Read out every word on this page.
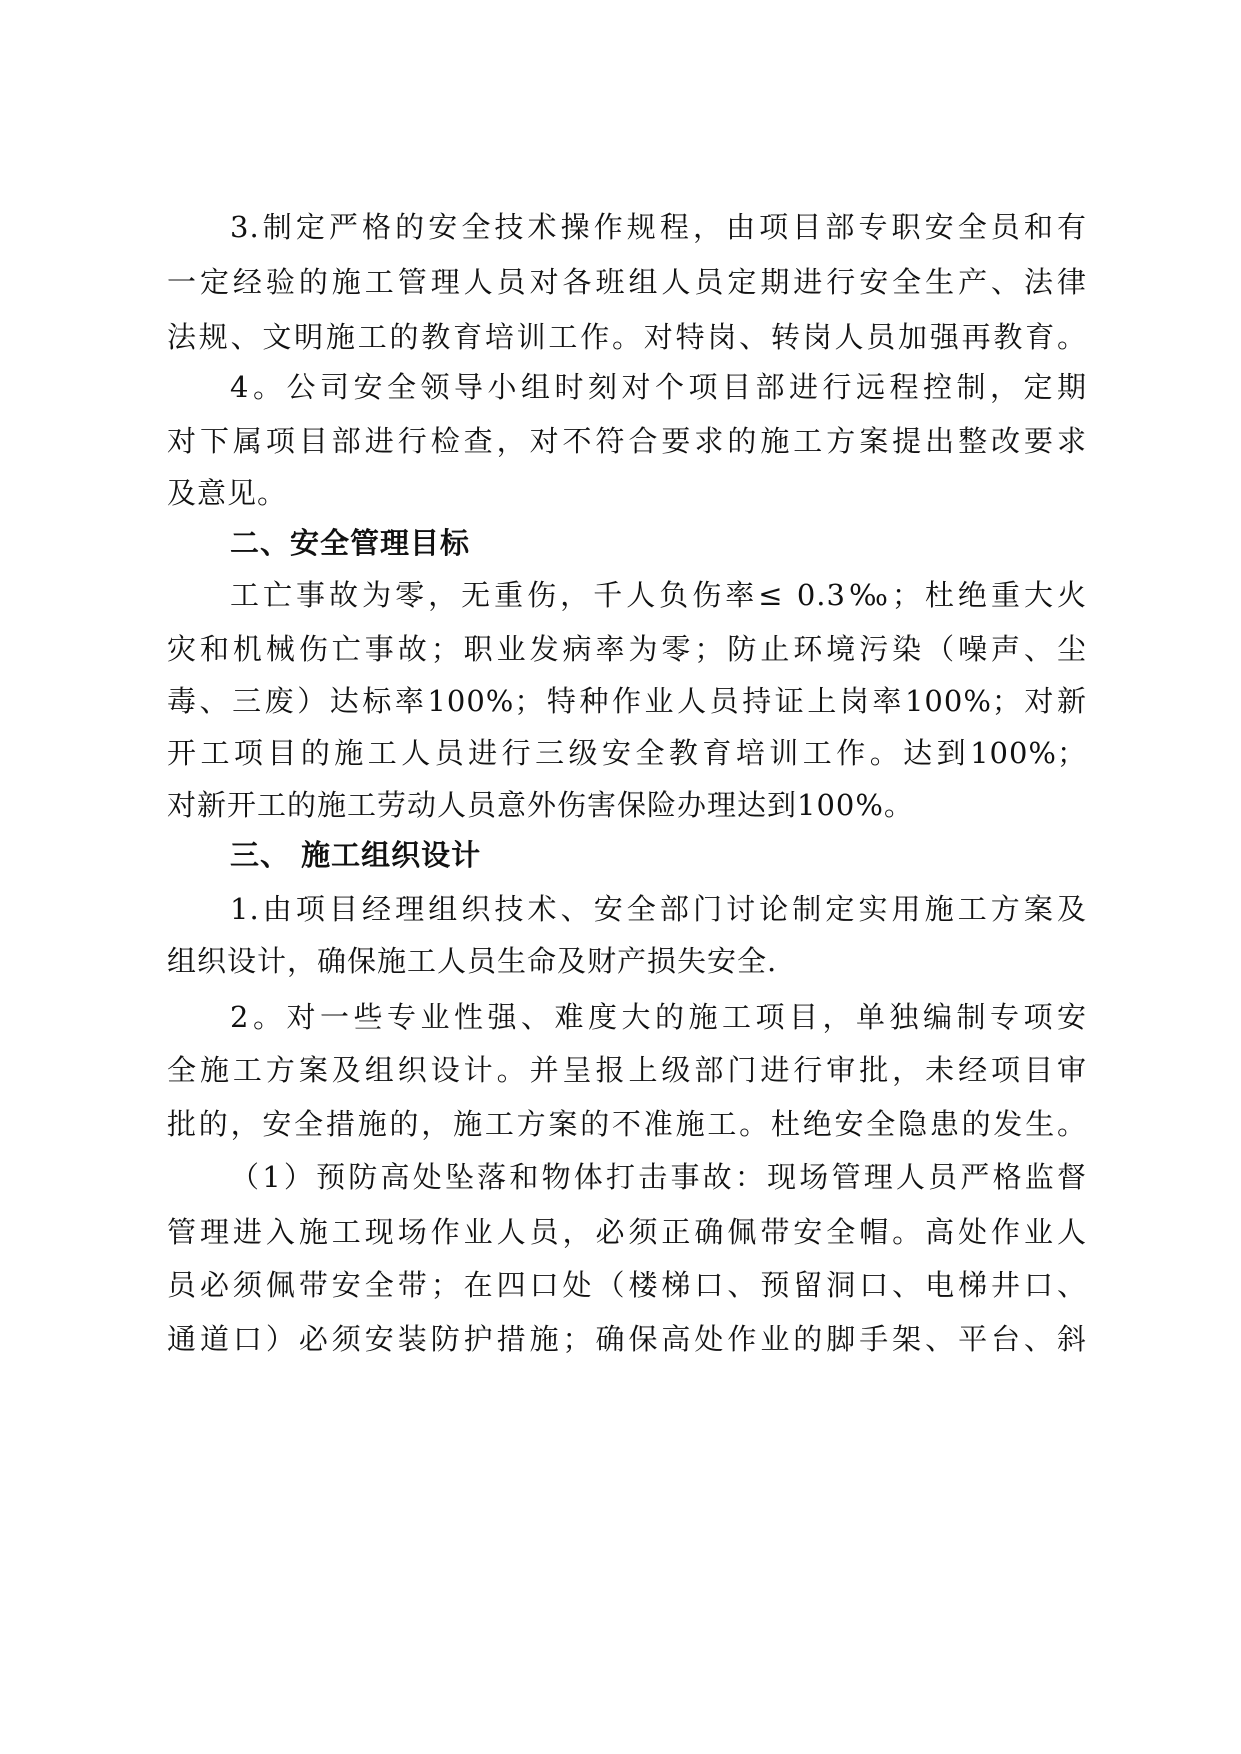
3.制定严格的安全技术操作规程，由项目部专职安全员和有
一定经验的施工管理人员对各班组人员定期进行安全生产、法律
法规、文明施工的教育培训工作。对特岗、转岗人员加强再教育。
4。公司安全领导小组时刻对个项目部进行远程控制，定期
对下属项目部进行检查，对不符合要求的施工方案提出整改要求
及意见。
二、安全管理目标
工亡事故为零，无重伤，千人负伤率≤ 0.3‰；杜绝重大火
灾和机械伤亡事故；职业发病率为零；防止环境污染（噪声、尘
毒、三废）达标率100%；特种作业人员持证上岗率100%；对新
开工项目的施工人员进行三级安全教育培训工作。达到100%；
对新开工的施工劳动人员意外伤害保险办理达到100%。
三、 施工组织设计
1.由项目经理组织技术、安全部门讨论制定实用施工方案及
组织设计，确保施工人员生命及财产损失安全.
2。对一些专业性强、难度大的施工项目，单独编制专项安
全施工方案及组织设计。并呈报上级部门进行审批，未经项目审
批的，安全措施的，施工方案的不准施工。杜绝安全隐患的发生。
（1）预防高处坠落和物体打击事故：现场管理人员严格监督
管理进入施工现场作业人员，必须正确佩带安全帽。高处作业人
员必须佩带安全带；在四口处（楼梯口、预留洞口、电梯井口、
通道口）必须安装防护措施；确保高处作业的脚手架、平台、斜
